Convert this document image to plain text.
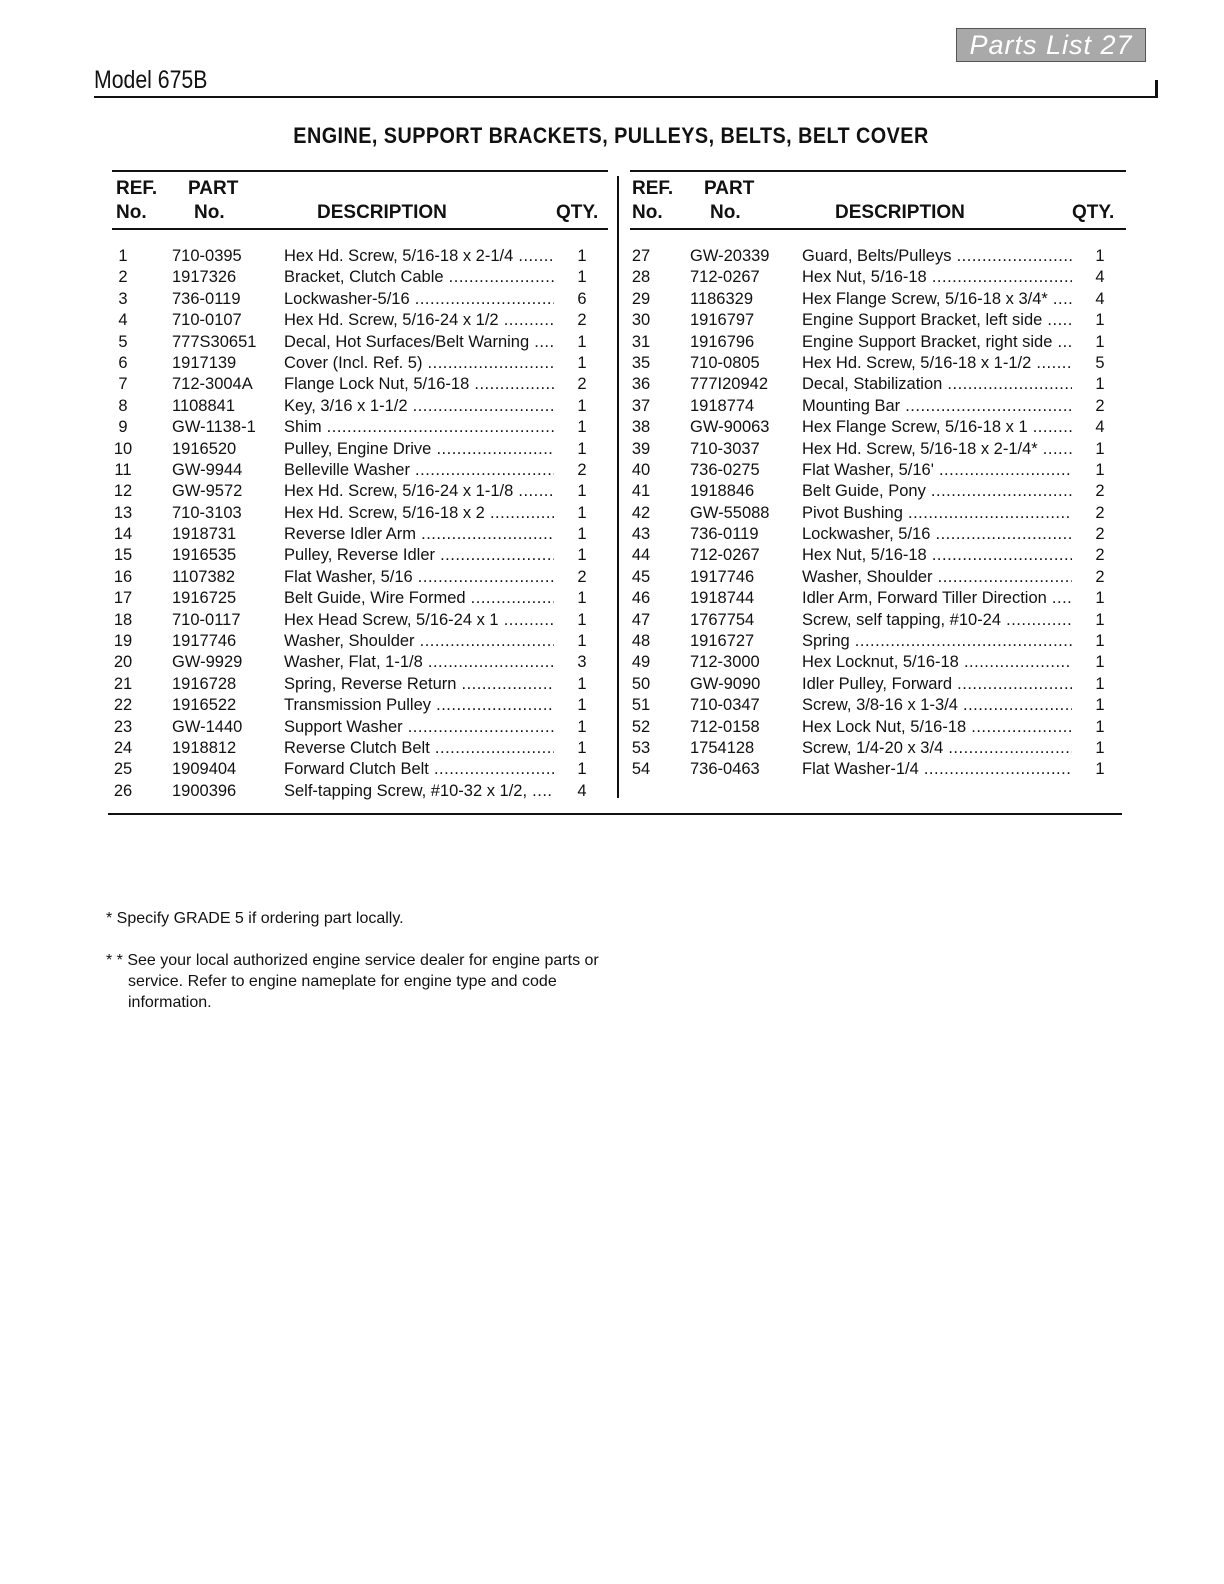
Parts List 27
Model 675B
ENGINE, SUPPORT BRACKETS, PULLEYS, BELTS, BELT COVER
REF.
No.
PART
No.	DESCRIPTION	QTY.
1	710-0395	Hex Hd. Screw, 5/16-18 x 2-1/4 .....	1
2	1917326	Bracket, Clutch Cable .....	1
3	736-0119	Lockwasher-5/16 .....	6
4	710-0107	Hex Hd. Screw, 5/16-24 x 1/2 .....	2
5	777S30651 Decal, Hot Surfaces/Belt Warning .....	1
6	1917139	Cover (Incl. Ref. 5) .....	1
7	712-3004A Flange Lock Nut, 5/16-18 .....	2
8	1108841	Key, 3/16 x 1-1/2 .....	1
9	GW-1138-1 Shim .....	1
10 1916520	Pulley, Engine Drive .....	1
11 GW-9944	Belleville Washer .....	2
12 GW-9572	Hex Hd. Screw, 5/16-24 x 1-1/8 .....	1
13 710-3103	Hex Hd. Screw, 5/16-18 x 2 .....	1
14 1918731	Reverse Idler Arm .....	1
15 1916535	Pulley, Reverse Idler .....	1
16 1107382	Flat Washer, 5/16 .....	2
17 1916725	Belt Guide, Wire Formed .....	1
18 710-0117	Hex Head Screw, 5/16-24 x 1 .....	1
19 1917746	Washer, Shoulder .....	1
20 GW-9929	Washer, Flat, 1-1/8 .....	3
21 1916728	Spring, Reverse Return .....	1
22 1916522	Transmission Pulley .....	1
23 GW-1440	Support Washer .....	1
24 1918812	Reverse Clutch Belt .....	1
25 1909404	Forward Clutch Belt .....	1
26 1900396	Self-tapping Screw, #10-32 x 1/2, .....	4
REF.
No.
PART
No.	DESCRIPTION	QTY.
27 GW-20339 Guard, Belts/Pulleys .....	1
28 712-0267	Hex Nut, 5/16-18 .....	4
29 1186329	Hex Flange Screw, 5/16-18 x 3/4* .....	4
30 1916797	Engine Support Bracket, left side .....	1
31 1916796	Engine Support Bracket, right side .....	1
35 710-0805	Hex Hd. Screw, 5/16-18 x 1-1/2 .....	5
36 777I20942 Decal, Stabilization .....	1
37 1918774	Mounting Bar .....	2
38 GW-90063 Hex Flange Screw, 5/16-18 x 1 .....	4
39 710-3037	Hex Hd. Screw, 5/16-18 x 2-1/4* .....	1
40 736-0275	Flat Washer, 5/16' .....	1
41 1918846	Belt Guide, Pony .....	2
42 GW-55088 Pivot Bushing .....	2
43 736-0119	Lockwasher, 5/16 .....	2
44 712-0267	Hex Nut, 5/16-18 .....	2
45 1917746	Washer, Shoulder .....	2
46 1918744	Idler Arm, Forward Tiller Direction .....	1
47 1767754	Screw, self tapping, #10-24 .....	1
48 1916727	Spring .....	1
49 712-3000	Hex Locknut, 5/16-18 .....	1
50 GW-9090	Idler Pulley, Forward .....	1
51 710-0347	Screw, 3/8-16 x 1-3/4 .....	1
52 712-0158	Hex Lock Nut, 5/16-18 .....	1
53 1754128	Screw, 1/4-20 x 3/4 .....	1
54 736-0463	Flat Washer-1/4 .....	1
* Specify GRADE 5 if ordering part locally.
* * See your local authorized engine service dealer for engine parts or
service. Refer to engine nameplate for engine type and code
information.
